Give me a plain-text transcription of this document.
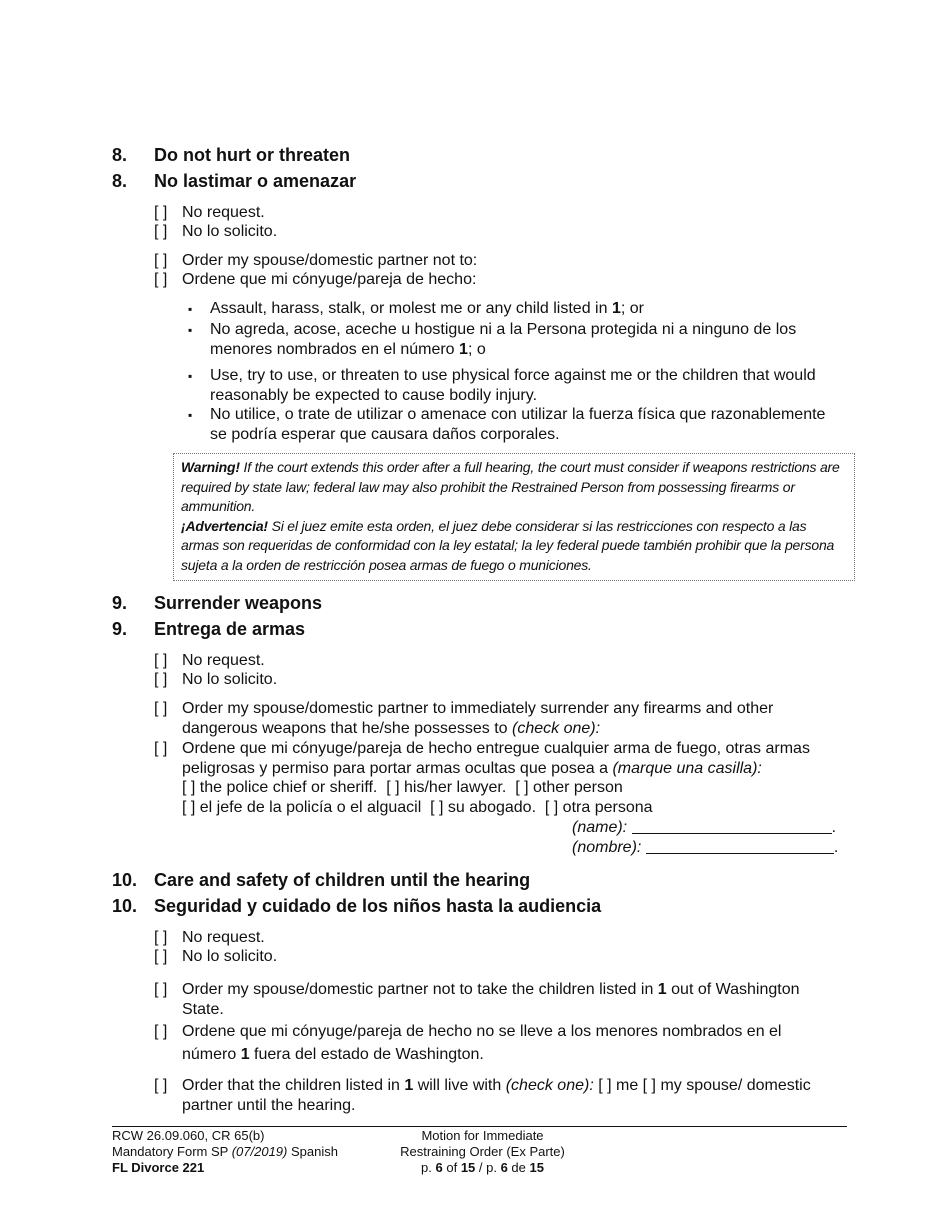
8.	Do not hurt or threaten
8.	No lastimar o amenazar
[ ] No request.
[ ] No lo solicito.
[ ] Order my spouse/domestic partner not to:
[ ] Ordene que mi cónyuge/pareja de hecho:
▪ Assault, harass, stalk, or molest me or any child listed in 1; or
▪ No agreda, acose, aceche u hostigue ni a la Persona protegida ni a ninguno de los menores nombrados en el número 1; o
▪ Use, try to use, or threaten to use physical force against me or the children that would reasonably be expected to cause bodily injury.
▪ No utilice, o trate de utilizar o amenace con utilizar la fuerza física que razonablemente se podría esperar que causara daños corporales.
Warning! If the court extends this order after a full hearing, the court must consider if weapons restrictions are required by state law; federal law may also prohibit the Restrained Person from possessing firearms or ammunition.
¡Advertencia! Si el juez emite esta orden, el juez debe considerar si las restricciones con respecto a las armas son requeridas de conformidad con la ley estatal; la ley federal puede también prohibir que la persona sujeta a la orden de restricción posea armas de fuego o municiones.
9.	Surrender weapons
9.	Entrega de armas
[ ] No request.
[ ] No lo solicito.
[ ] Order my spouse/domestic partner to immediately surrender any firearms and other dangerous weapons that he/she possesses to (check one):
[ ] Ordene que mi cónyuge/pareja de hecho entregue cualquier arma de fuego, otras armas peligrosas y permiso para portar armas ocultas que posea a (marque una casilla):
[ ] the police chief or sheriff.  [ ] his/her lawyer.  [ ] other person
[ ] el jefe de la policía o el alguacil  [ ] su abogado.  [ ] otra persona
(name):	.
(nombre):	.
10. Care and safety of children until the hearing
10. Seguridad y cuidado de los niños hasta la audiencia
[ ] No request.
[ ] No lo solicito.
[ ] Order my spouse/domestic partner not to take the children listed in 1 out of Washington State.
[ ] Ordene que mi cónyuge/pareja de hecho no se lleve a los menores nombrados en el número 1 fuera del estado de Washington.
[ ] Order that the children listed in 1 will live with (check one): [ ] me [ ] my spouse/ domestic partner until the hearing.
RCW 26.09.060, CR 65(b)
Mandatory Form SP (07/2019) Spanish
FL Divorce 221
Motion for Immediate
Restraining Order (Ex Parte)
p. 6 of 15 / p. 6 de 15
